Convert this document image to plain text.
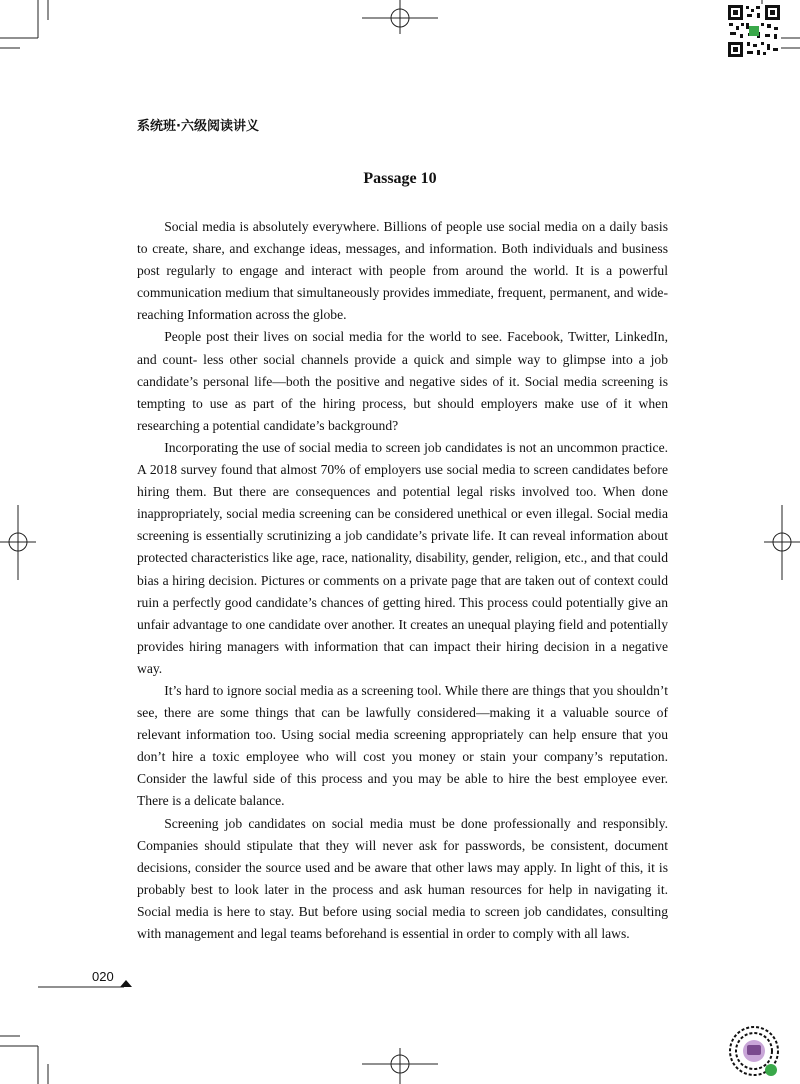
系统班·六级阅读讲义
Passage 10

Social media is absolutely everywhere. Billions of people use social media on a daily basis to create, share, and exchange ideas, messages, and information. Both individuals and business post regularly to engage and interact with people from around the world. It is a powerful communication medium that simultaneously provides immediate, frequent, permanent, and wide-reaching Information across the globe.

People post their lives on social media for the world to see. Facebook, Twitter, LinkedIn, and count- less other social channels provide a quick and simple way to glimpse into a job candidate’s personal life—both the positive and negative sides of it. Social media screening is tempting to use as part of the hiring process, but should employers make use of it when researching a potential candidate’s background?

Incorporating the use of social media to screen job candidates is not an uncommon practice. A 2018 survey found that almost 70% of employers use social media to screen candidates before hiring them. But there are consequences and potential legal risks involved too. When done inappropriately, social media screening can be considered unethical or even illegal. Social media screening is essentially scrutinizing a job candidate’s private life. It can reveal information about protected characteristics like age, race, nationality, disability, gender, religion, etc., and that could bias a hiring decision. Pictures or comments on a private page that are taken out of context could ruin a perfectly good candidate’s chances of getting hired. This process could potentially give an unfair advantage to one candidate over another. It creates an unequal playing field and potentially provides hiring managers with information that can impact their hiring decision in a negative way.

It’s hard to ignore social media as a screening tool. While there are things that you shouldn’t see, there are some things that can be lawfully considered—making it a valuable source of relevant information too. Using social media screening appropriately can help ensure that you don’t hire a toxic employee who will cost you money or stain your company’s reputation. Consider the lawful side of this process and you may be able to hire the best employee ever. There is a delicate balance.

Screening job candidates on social media must be done professionally and responsibly. Companies should stipulate that they will never ask for passwords, be consistent, document decisions, consider the source used and be aware that other laws may apply. In light of this, it is probably best to look later in the process and ask human resources for help in navigating it. Social media is here to stay. But before using social media to screen job candidates, consulting with management and legal teams beforehand is essential in order to comply with all laws.

020
